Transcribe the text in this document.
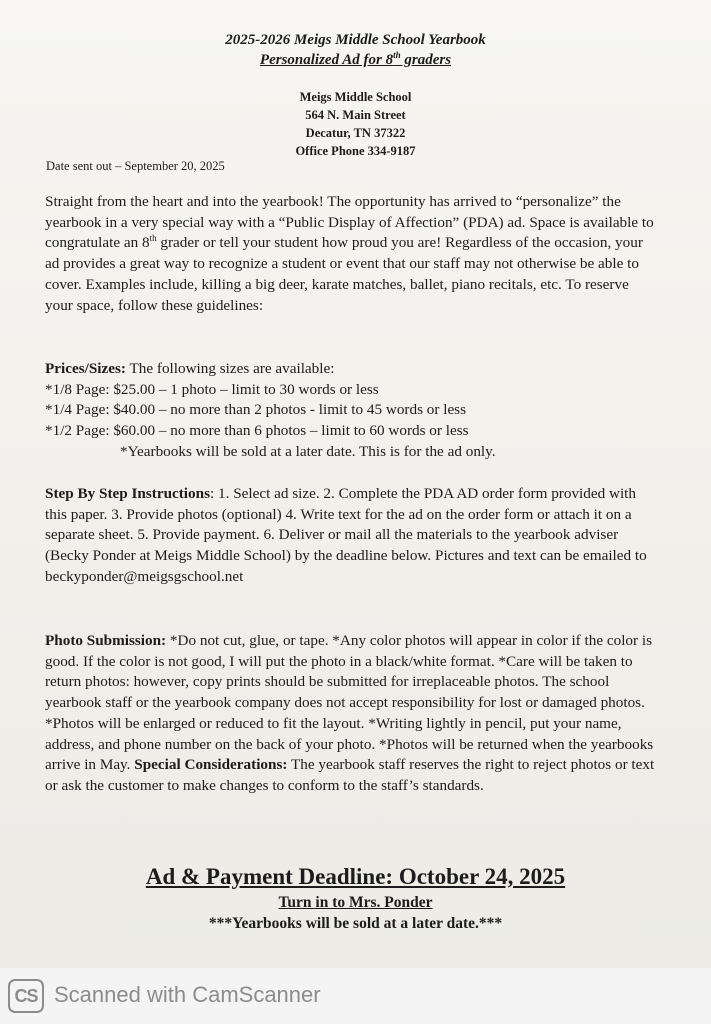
2025-2026 Meigs Middle School Yearbook
Personalized Ad for 8th graders
Meigs Middle School
564 N. Main Street
Decatur, TN 37322
Office Phone 334-9187
Date sent out – September 20, 2025
Straight from the heart and into the yearbook! The opportunity has arrived to “personalize” the yearbook in a very special way with a “Public Display of Affection” (PDA) ad. Space is available to congratulate an 8th grader or tell your student how proud you are! Regardless of the occasion, your ad provides a great way to recognize a student or event that our staff may not otherwise be able to cover. Examples include, killing a big deer, karate matches, ballet, piano recitals, etc. To reserve your space, follow these guidelines:
Prices/Sizes: The following sizes are available:
*1/8 Page: $25.00 – 1 photo – limit to 30 words or less
*1/4 Page: $40.00 – no more than 2 photos - limit to 45 words or less
*1/2 Page: $60.00 – no more than 6 photos – limit to 60 words or less
*Yearbooks will be sold at a later date. This is for the ad only.
Step By Step Instructions: 1. Select ad size. 2. Complete the PDA AD order form provided with this paper. 3. Provide photos (optional) 4. Write text for the ad on the order form or attach it on a separate sheet. 5. Provide payment. 6. Deliver or mail all the materials to the yearbook adviser (Becky Ponder at Meigs Middle School) by the deadline below. Pictures and text can be emailed to beckyponder@meigsgschool.net
Photo Submission: *Do not cut, glue, or tape. *Any color photos will appear in color if the color is good. If the color is not good, I will put the photo in a black/white format. *Care will be taken to return photos: however, copy prints should be submitted for irreplaceable photos. The school yearbook staff or the yearbook company does not accept responsibility for lost or damaged photos. *Photos will be enlarged or reduced to fit the layout. *Writing lightly in pencil, put your name, address, and phone number on the back of your photo. *Photos will be returned when the yearbooks arrive in May. Special Considerations: The yearbook staff reserves the right to reject photos or text or ask the customer to make changes to conform to the staff’s standards.
Ad & Payment Deadline: October 24, 2025
Turn in to Mrs. Ponder
***Yearbooks will be sold at a later date.***
CS Scanned with CamScanner
